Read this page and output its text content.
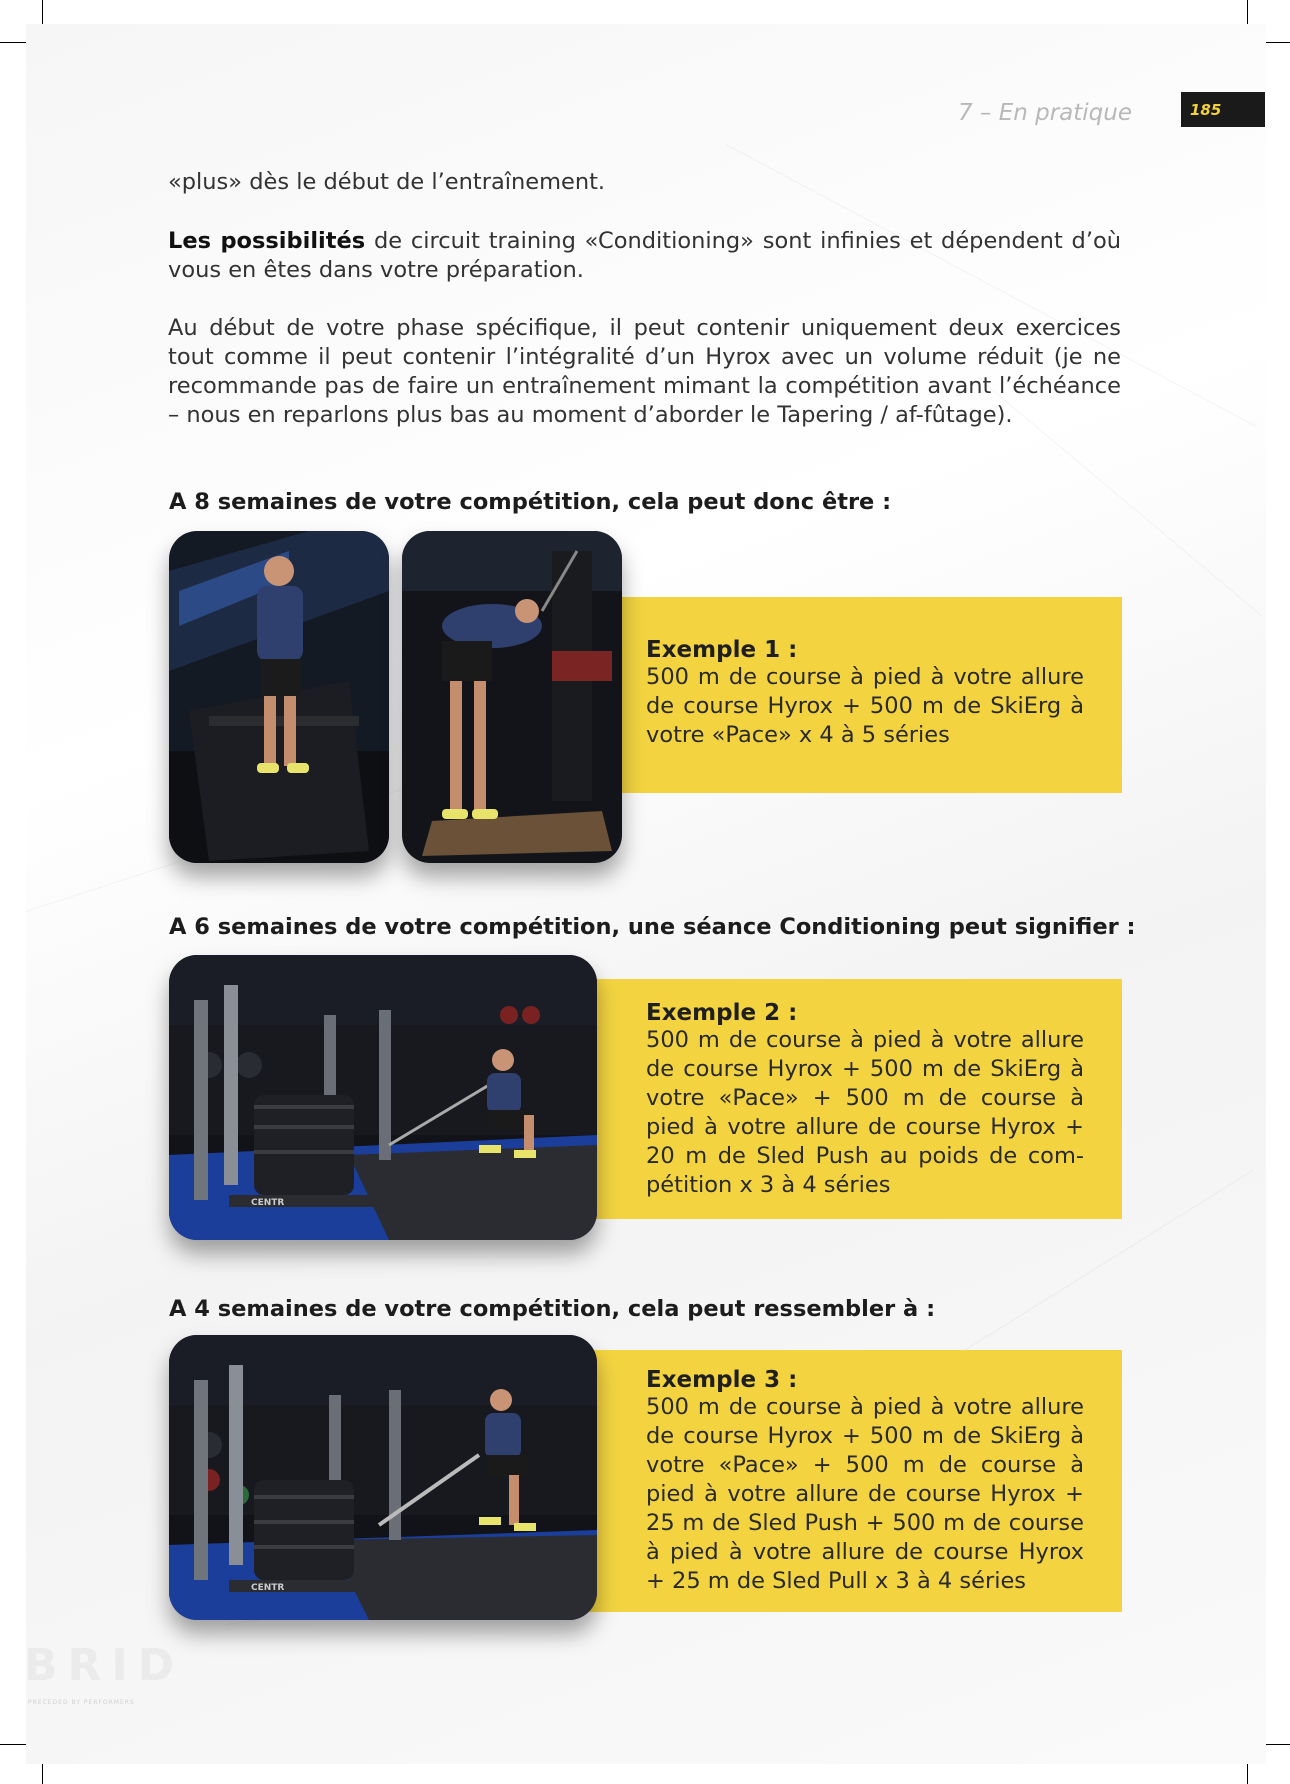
7 – En pratique	185
«plus» dès le début de l’entraînement.
Les possibilités de circuit training «Conditioning» sont infinies et dépendent d’où vous en êtes dans votre préparation.
Au début de votre phase spécifique, il peut contenir uniquement deux exercices tout comme il peut contenir l’intégralité d’un Hyrox avec un volume réduit (je ne recommande pas de faire un entraînement mimant la compétition avant l’échéance – nous en reparlons plus bas au moment d’aborder le Tapering / af-fûtage).
A 8 semaines de votre compétition, cela peut donc être :

Exemple 1 :

500 m de course à pied à votre allure de course Hyrox + 500 m de SkiErg à votre «Pace» x 4 à 5 séries

A 6 semaines de votre compétition, une séance Conditioning peut signifier :

Exemple 2 :

500 m de course à pied à votre allure de course Hyrox + 500 m de SkiErg à votre «Pace» + 500 m de course à pied à votre allure de course Hyrox + 20 m de Sled Push au poids de com-pétition x 3 à 4 séries

CENTR
A 4 semaines de votre compétition, cela peut ressembler à :

Exemple 3 :

500 m de course à pied à votre allure de course Hyrox + 500 m de SkiErg à votre «Pace» + 500 m de course à pied à votre allure de course Hyrox + 25 m de Sled Push + 500 m de course à pied à votre allure de course Hyrox + 25 m de Sled Pull x 3 à 4 séries

CENTR
BRID
PRECEDED BY PERFORMERS
